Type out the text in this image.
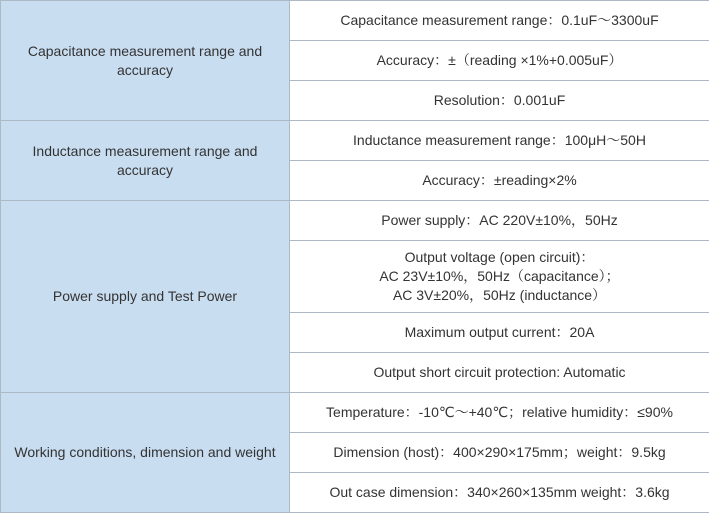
Capacitance measurement range and accuracy	Capacitance measurement range：0.1uF～3300uF
	Accuracy：±（reading ×1%+0.005uF）
	Resolution：0.001uF
Inductance measurement range and accuracy	Inductance measurement range：100μH～50H
	Accuracy：±reading×2%
Power supply and Test Power	Power supply：AC 220V±10%，50Hz

	Output voltage (open circuit)：
AC 23V±10%，50Hz（capacitance）；
AC 3V±20%，50Hz (inductance）

	Maximum output current：20A
	Output short circuit protection: Automatic
Working conditions, dimension and weight	Temperature：-10℃～+40℃；relative humidity：≤90%
	Dimension (host)：400×290×175mm；weight：9.5kg
	Out case dimension：340×260×135mm weight：3.6kg
